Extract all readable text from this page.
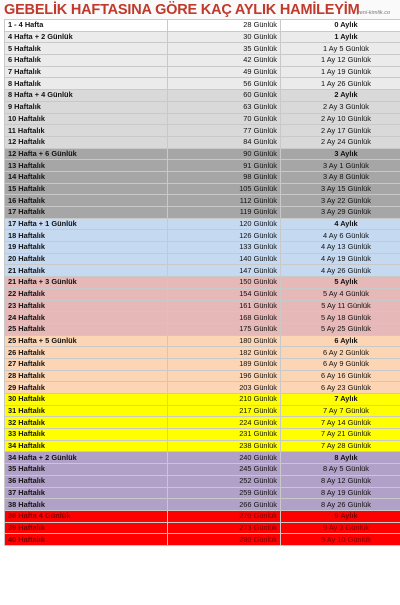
GEBELİK HAFTASINA GÖRE KAÇ AYLIK HAMİLEYİM
yeni-kimlik.co
1 - 4 Hafta	28 Günlük	0 Aylık
4 Hafta + 2 Günlük	30 Günlük	1 Aylık
5 Haftalık	35 Günlük	1 Ay 5 Günlük
6 Haftalık	42 Günlük	1 Ay 12 Günlük
7 Haftalık	49 Günlük	1 Ay 19 Günlük
8 Haftalık	56 Günlük	1 Ay 26 Günlük
8 Hafta + 4 Günlük	60 Günlük	2 Aylık
9 Haftalık	63 Günlük	2 Ay 3 Günlük
10 Haftalık	70 Günlük	2 Ay 10 Günlük
11 Haftalık	77 Günlük	2 Ay 17 Günlük
12 Haftalık	84 Günlük	2 Ay 24 Günlük
12 Hafta + 6 Günlük	90 Günlük	3 Aylık
13 Haftalık	91 Günlük	3 Ay 1 Günlük
14 Haftalık	98 Günlük	3 Ay 8 Günlük
15 Haftalık	105 Günlük	3 Ay 15 Günlük
16 Haftalık	112 Günlük	3 Ay 22 Günlük
17 Haftalık	119 Günlük	3 Ay 29 Günlük
17 Hafta + 1 Günlük	120 Günlük	4 Aylık
18 Haftalık	126 Günlük	4 Ay 6 Günlük
19 Haftalık	133 Günlük	4 Ay 13 Günlük
20 Haftalık	140 Günlük	4 Ay 19 Günlük
21 Haftalık	147 Günlük	4 Ay 26 Günlük
21 Hafta + 3 Günlük	150 Günlük	5 Aylık
22 Haftalık	154 Günlük	5 Ay 4 Günlük
23 Haftalık	161 Günlük	5 Ay 11 Günlük
24 Haftalık	168 Günlük	5 Ay 18 Günlük
25 Haftalık	175 Günlük	5 Ay 25 Günlük
25 Hafta + 5 Günlük	180 Günlük	6 Aylık
26 Haftalık	182 Günlük	6 Ay 2 Günlük
27 Haftalık	189 Günlük	6 Ay 9 Günlük
28 Haftalık	196 Günlük	6 Ay 16 Günlük
29 Haftalık	203 Günlük	6 Ay 23 Günlük
30 Haftalık	210 Günlük	7 Aylık
31 Haftalık	217 Günlük	7 Ay 7 Günlük
32 Haftalık	224 Günlük	7 Ay 14 Günlük
33 Haftalık	231 Günlük	7 Ay 21 Günlük
34 Haftalık	238 Günlük	7 Ay 28 Günlük
34 Hafta + 2 Günlük	240 Günlük	8 Aylık
35 Haftalık	245 Günlük	8 Ay 5 Günlük
36 Haftalık	252 Günlük	8 Ay 12 Günlük
37 Haftalık	259 Günlük	8 Ay 19 Günlük
38 Haftalık	266 Günlük	8 Ay 26 Günlük
38 Hafta 4 Günlük	270 Günlük	9 Aylık
39 Haftalık	273 Günlük	9 Ay 3 Günlük
40 Haftalık	280 Günlük	9 Ay 10 Günlük
